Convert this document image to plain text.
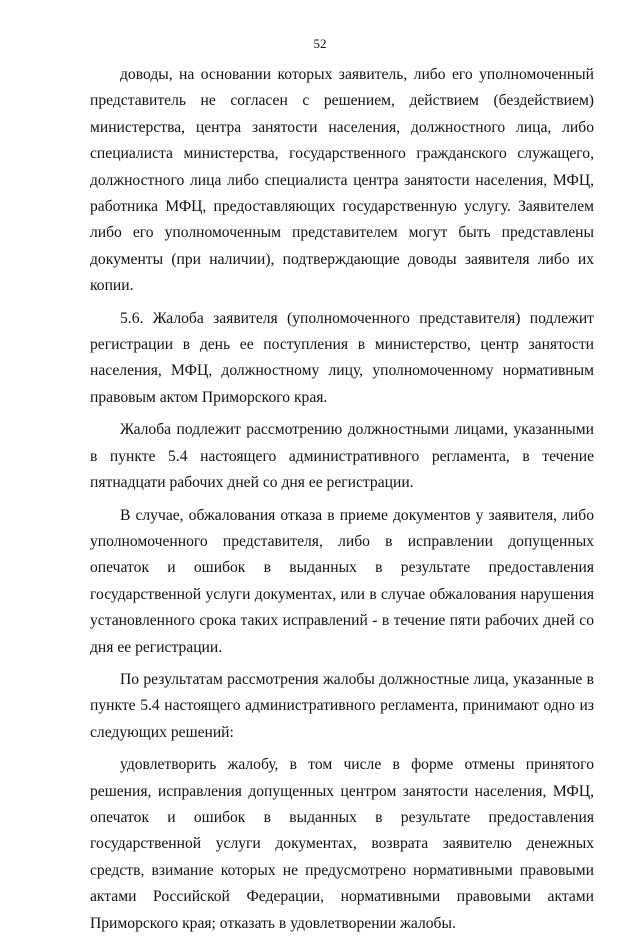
52

доводы, на основании которых заявитель, либо его уполномоченный представитель не согласен с решением, действием (бездействием) министерства, центра занятости населения, должностного лица, либо специалиста министерства, государственного гражданского служащего, должностного лица либо специалиста центра занятости населения, МФЦ, работника МФЦ, предоставляющих государственную услугу. Заявителем либо его уполномоченным представителем могут быть представлены документы (при наличии), подтверждающие доводы заявителя либо их копии.

5.6. Жалоба заявителя (уполномоченного представителя) подлежит регистрации в день ее поступления в министерство, центр занятости населения, МФЦ, должностному лицу, уполномоченному нормативным правовым актом Приморского края.

Жалоба подлежит рассмотрению должностными лицами, указанными в пункте 5.4 настоящего административного регламента, в течение пятнадцати рабочих дней со дня ее регистрации.

В случае, обжалования отказа в приеме документов у заявителя, либо уполномоченного представителя, либо в исправлении допущенных опечаток и ошибок в выданных в результате предоставления государственной услуги документах, или в случае обжалования нарушения установленного срока таких исправлений - в течение пяти рабочих дней со дня ее регистрации.

По результатам рассмотрения жалобы должностные лица, указанные в пункте 5.4 настоящего административного регламента, принимают одно из следующих решений:

удовлетворить жалобу, в том числе в форме отмены принятого решения, исправления допущенных центром занятости населения, МФЦ, опечаток и ошибок в выданных в результате предоставления государственной услуги документах, возврата заявителю денежных средств, взимание которых не предусмотрено нормативными правовыми актами Российской Федерации, нормативными правовыми актами Приморского края; отказать в удовлетворении жалобы.
